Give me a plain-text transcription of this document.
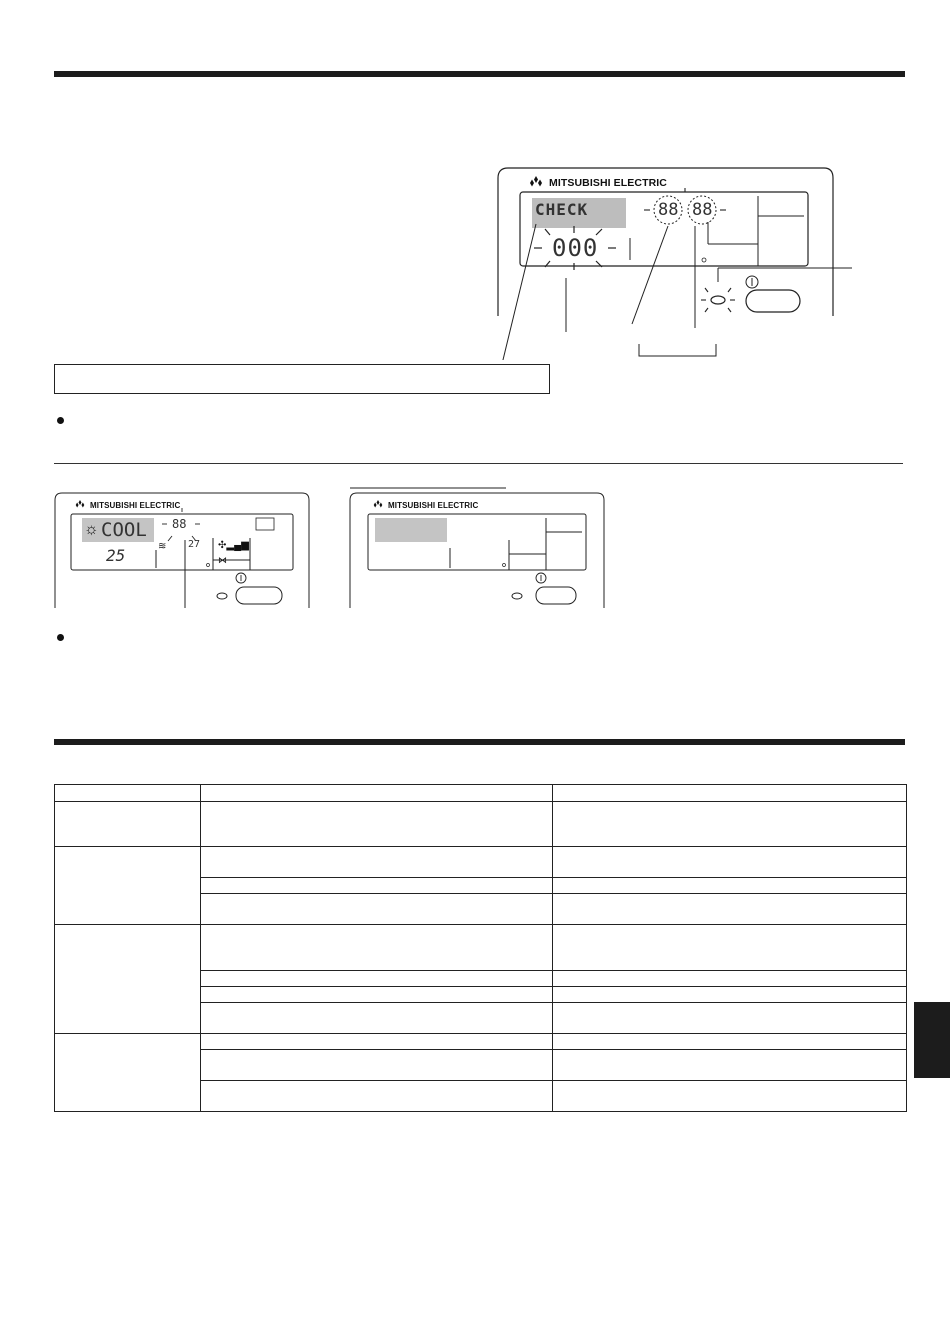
MITSUBISHI ELECTRIC
CHECK
000
88 88
MITSUBISHI ELECTRIC
☼ COOL
25
88
27 ✣▂▄▆
⋈
≋
MITSUBISHI ELECTRIC
